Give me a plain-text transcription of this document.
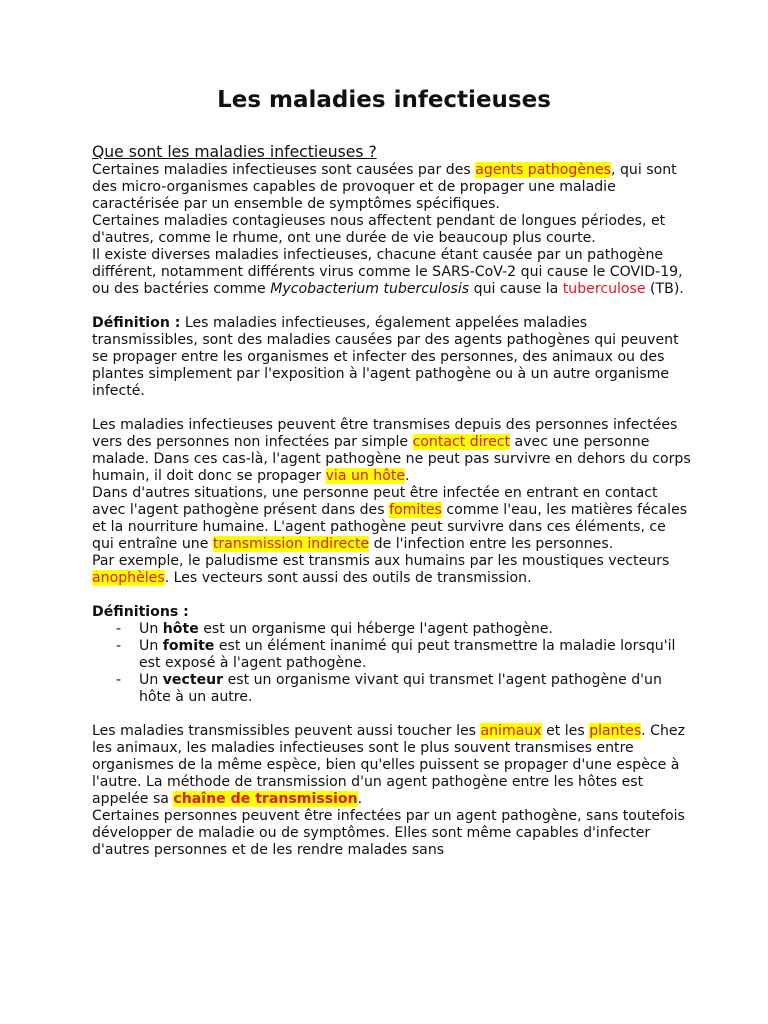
Les maladies infectieuses

Que sont les maladies infectieuses ?

Certaines maladies infectieuses sont causées par des agents pathogènes, qui sont des micro-organismes capables de provoquer et de propager une maladie caractérisée par un ensemble de symptômes spécifiques.

Certaines maladies contagieuses nous affectent pendant de longues périodes, et d'autres, comme le rhume, ont une durée de vie beaucoup plus courte.

Il existe diverses maladies infectieuses, chacune étant causée par un pathogène différent, notamment différents virus comme le SARS-CoV-2 qui cause le COVID-19, ou des bactéries comme Mycobacterium tuberculosis qui cause la tuberculose (TB).

Définition : Les maladies infectieuses, également appelées maladies transmissibles, sont des maladies causées par des agents pathogènes qui peuvent se propager entre les organismes et infecter des personnes, des animaux ou des plantes simplement par l'exposition à l'agent pathogène ou à un autre organisme infecté.

Les maladies infectieuses peuvent être transmises depuis des personnes infectées vers des personnes non infectées par simple contact direct avec une personne malade. Dans ces cas-là, l'agent pathogène ne peut pas survivre en dehors du corps humain, il doit donc se propager via un hôte.

Dans d'autres situations, une personne peut être infectée en entrant en contact avec l'agent pathogène présent dans des fomites comme l'eau, les matières fécales et la nourriture humaine. L'agent pathogène peut survivre dans ces éléments, ce qui entraîne une transmission indirecte de l'infection entre les personnes.

Par exemple, le paludisme est transmis aux humains par les moustiques vecteurs anophèles. Les vecteurs sont aussi des outils de transmission.

Définitions :

- Un hôte est un organisme qui héberge l'agent pathogène.
- Un fomite est un élément inanimé qui peut transmettre la maladie lorsqu'il est exposé à l'agent pathogène.
- Un vecteur est un organisme vivant qui transmet l'agent pathogène d'un hôte à un autre.

Les maladies transmissibles peuvent aussi toucher les animaux et les plantes. Chez les animaux, les maladies infectieuses sont le plus souvent transmises entre organismes de la même espèce, bien qu'elles puissent se propager d'une espèce à l'autre. La méthode de transmission d'un agent pathogène entre les hôtes est appelée sa chaîne de transmission.

Certaines personnes peuvent être infectées par un agent pathogène, sans toutefois développer de maladie ou de symptômes. Elles sont même capables d'infecter d'autres personnes et de les rendre malades sans
